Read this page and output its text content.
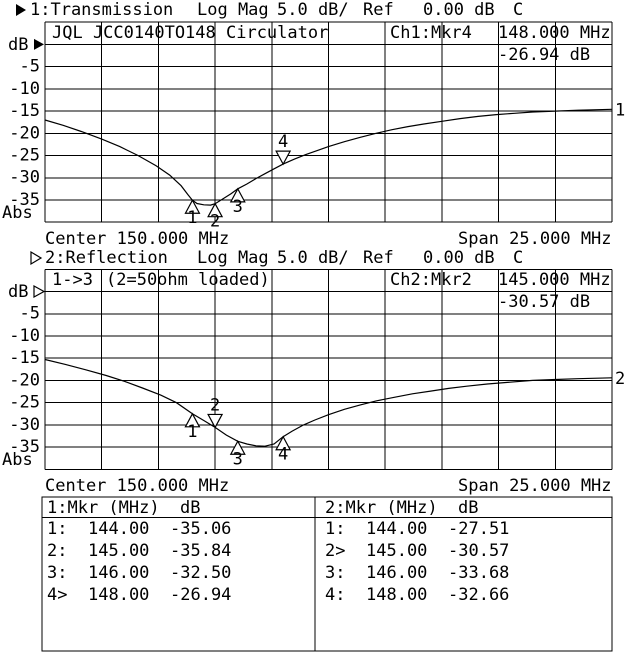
-5
-10
-15
-20
-25
-30
-35
1
1 2
3
4
-5
-10
-15
-20
-25
-30
-35
2
1
2
3 4
1:Transmission Log Mag 5.0 dB/ Ref 0.00 dB C
JQL JCC0140TO148 Circulator	Ch1:Mkr4 148.000 MHz
-26.94 dB
dB
Abs
Center 150.000 MHz	Span 25.000 MHz
2:Reflection Log Mag 5.0 dB/ Ref 0.00 dB C
1->3 (2=50ohm loaded)	Ch2:Mkr2 145.000 MHz
-30.57 dB
dB
Abs
Center 150.000 MHz	Span 25.000 MHz
1:Mkr (MHz) dB	2:Mkr (MHz) dB
1: 144.00 -35.06
2: 145.00 -35.84
3: 146.00 -32.50
4> 148.00 -26.94
1: 144.00 -27.51
2> 145.00 -30.57
3: 146.00 -33.68
4: 148.00 -32.66
